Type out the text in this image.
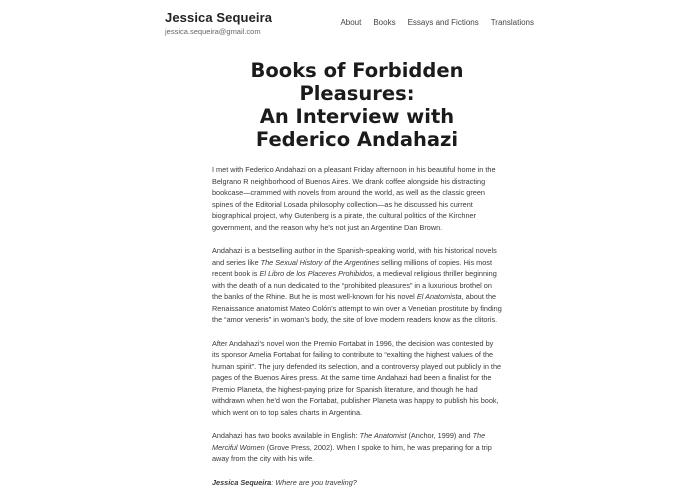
Jessica Sequeira
jessica.sequeira@gmail.com
About Books Essays and Fictions Translations
Books of Forbidden Pleasures:
An Interview with
Federico Andahazi

I met with Federico Andahazi on a pleasant Friday afternoon in his beautiful home in the Belgrano R neighborhood of Buenos Aires. We drank coffee alongside his distracting bookcase—crammed with novels from around the world, as well as the classic green spines of the Editorial Losada philosophy collection—as he discussed his current biographical project, why Gutenberg is a pirate, the cultural politics of the Kirchner government, and the reason why he's not just an Argentine Dan Brown.

Andahazi is a bestselling author in the Spanish-speaking world, with his historical novels and series like The Sexual History of the Argentines selling millions of copies. His most recent book is El Libro de los Placeres Prohibidos, a medieval religious thriller beginning with the death of a nun dedicated to the “prohibited pleasures” in a luxurious brothel on the banks of the Rhine. But he is most well-known for his novel El Anatomista, about the Renaissance anatomist Mateo Colón's attempt to win over a Venetian prostitute by finding the “amor veneris” in woman's body, the site of love modern readers know as the clitoris.

After Andahazi's novel won the Premio Fortabat in 1996, the decision was contested by its sponsor Amelia Fortabat for failing to contribute to “exalting the highest values of the human spirit”. The jury defended its selection, and a controversy played out publicly in the pages of the Buenos Aires press. At the same time Andahazi had been a finalist for the Premio Planeta, the highest-paying prize for Spanish literature, and though he had withdrawn when he'd won the Fortabat, publisher Planeta was happy to publish his book, which went on to top sales charts in Argentina.

Andahazi has two books available in English: The Anatomist (Anchor, 1999) and The Merciful Women (Grove Press, 2002). When I spoke to him, he was preparing for a trip away from the city with his wife.

Jessica Sequeira: Where are you traveling?
